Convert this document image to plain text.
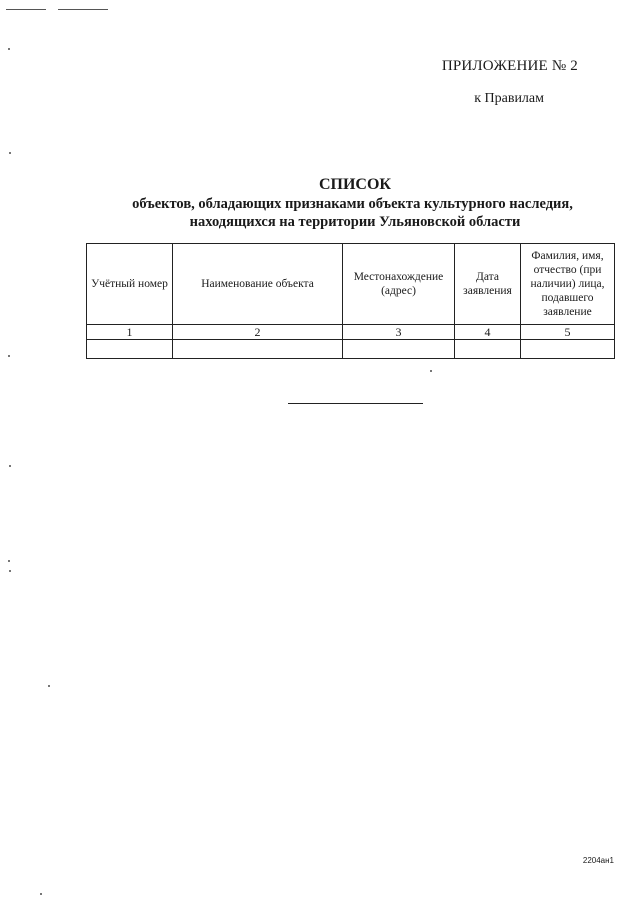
ПРИЛОЖЕНИЕ № 2
к Правилам
СПИСОК
объектов, обладающих признаками объекта культурного наследия,
находящихся на территории Ульяновской области
Учётный номер	Наименование объекта	Местонахождение (адрес)	Дата заявления	Фамилия, имя, отчество (при наличии) лица, подавшего заявление
1	2	3	4	5

2204ан1
